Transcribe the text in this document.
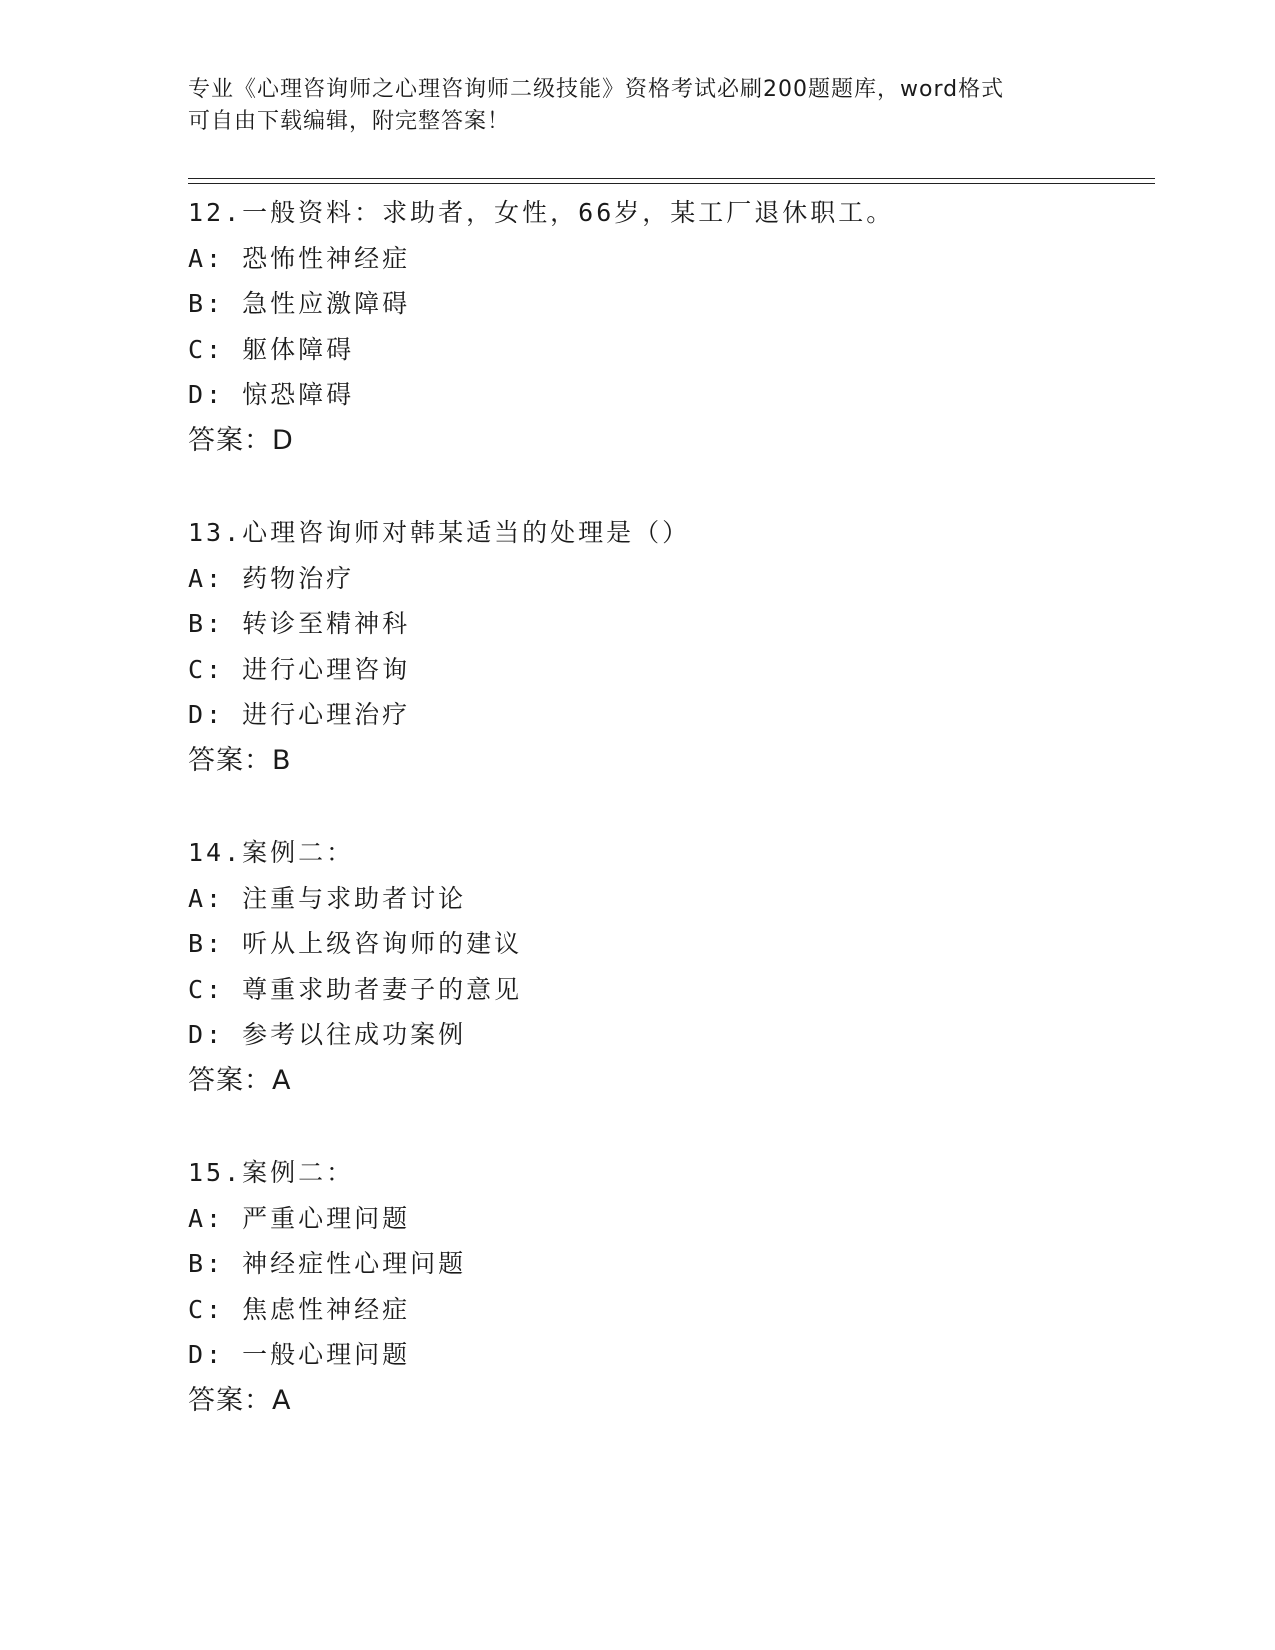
专业《心理咨询师之心理咨询师二级技能》资格考试必刷200题题库，word格式
可自由下载编辑，附完整答案！
12.一般资料：求助者，女性，66岁，某工厂退休职工。
A: 恐怖性神经症
B: 急性应激障碍
C: 躯体障碍
D: 惊恐障碍
答案：D
13.心理咨询师对韩某适当的处理是（）
A: 药物治疗
B: 转诊至精神科
C: 进行心理咨询
D: 进行心理治疗
答案：B
14.案例二：
A: 注重与求助者讨论
B: 听从上级咨询师的建议
C: 尊重求助者妻子的意见
D: 参考以往成功案例
答案：A
15.案例二：
A: 严重心理问题
B: 神经症性心理问题
C: 焦虑性神经症
D: 一般心理问题
答案：A
